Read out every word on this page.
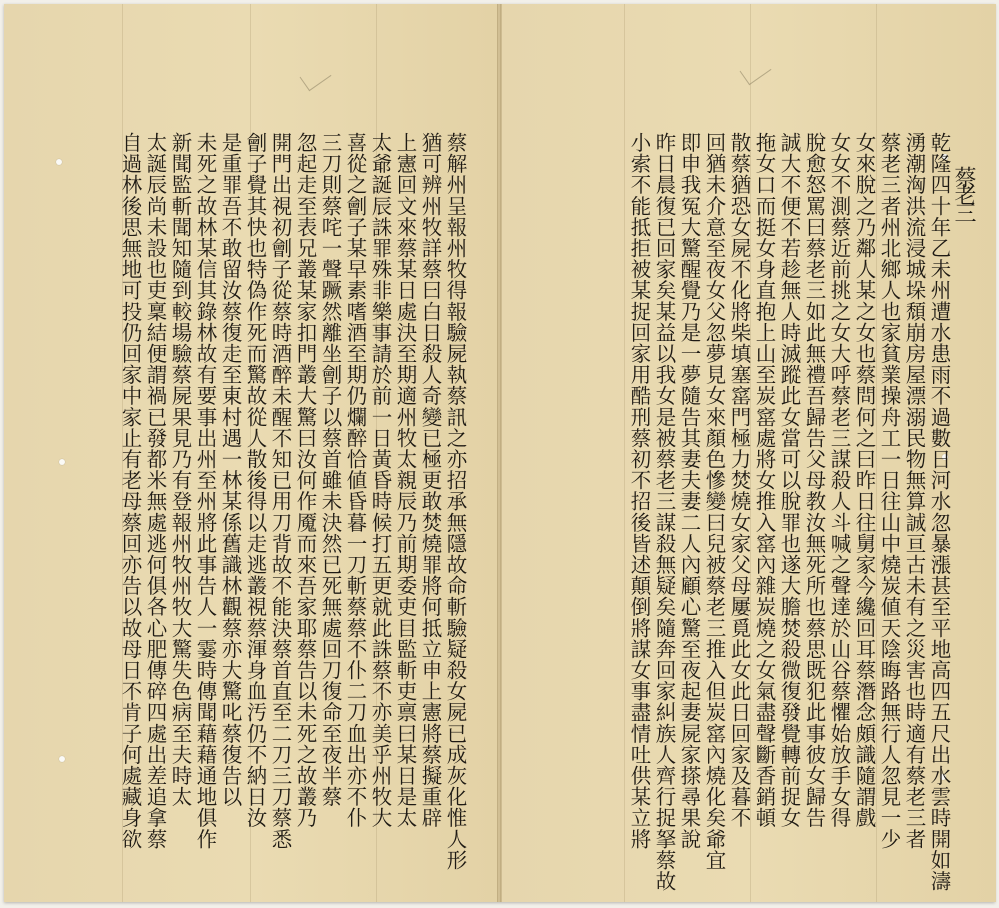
蔡解州呈報州牧得報驗屍執蔡訊之亦招承無隱故命斬驗疑殺女屍已成灰化惟人形
猶可辨州牧詳蔡曰白日殺人奇變已極更敢焚燒罪將何抵立申上憲將蔡擬重辟
上憲回文來蔡某日處決至期適州牧太親辰乃前期委吏目監斬吏禀曰某日是太
太爺誕辰誅罪殊非樂事請於前一日黃昏時候打五更就此誅蔡不亦美乎州牧大
喜從之劊子某早素嗜酒至期仍爛醉恰値昏暮一刀斬蔡蔡不仆二刀血出亦不仆
三刀則蔡咤一聲蹶然離坐劊子以蔡首雖未決然已死無處回刀復命至夜半蔡
忽起走至表兄叢某家扣門叢大驚曰汝何作魇而來吾家耶蔡告以未死之故叢乃
開門出視初劊子從蔡時酒醉未醒不知已用刀背故不能決蔡首直至二刀三刀蔡悉
劊子覺其快也特偽作死而驚故從人散後得以走逃叢視蔡渾身血汚仍不納日汝
是重罪吾不敢留汝蔡復走至東村遇一林某係舊識林觀蔡亦大驚叱蔡復告以
未死之故林某信其錄林故有要事出州至州將此事告人一霎時傳聞藉藉通地俱作
新聞監斬聞知隨到較場驗蔡屍果見乃有登報州牧州牧大驚失色病至夫時太
太誕辰尚未設也吏稟結便謂禍已發都米無處逃何俱各心肥傳碎四處出差追拿蔡
自過林後思無地可投仍回家中家止有老母蔡回亦告以故母日不肯子何處藏身欲	蔡老三
乾隆四十年乙未州遭水患雨不過數日河水忽暴漲甚至平地高四五尺出水雲時開如濤
湧潮洶洪流浸城垛頹崩房屋漂溺民物無算誠亘古未有之災害也時適有蔡老三者
蔡老三者州北鄉人也家貧業操舟工一日往山中燒炭値天陰晦路無行人忽見一少
女來脫之乃鄰人某之女也蔡問何之曰昨日往舅家今纔回耳蔡潛念頗識隨謂戲
女女不測蔡近前挑之女大呼蔡老三謀殺人斗喊之聲達於山谷蔡懼始放手女得
脫愈怒罵曰蔡老三如此無禮吾歸告父母教汝無死所也蔡思既犯此事彼女歸告
誠大不便不若趁無人時滅蹤此女當可以脫罪也遂大膽焚殺微復發覺轉前捉女
拖女口而挺女身直抱上山至炭窰處將女推入窰內雜炭燒之女氣盡聲斷香銷頓
散蔡猶恐女屍不化將柴填塞窰門極力焚燒女家父母屢覓此女此日回家及暮不
回猶未介意至夜女父忽夢見女來顏色慘變曰兒被蔡老三推入但炭窰內燒化矣爺宜
即申我冤大驚醒覺乃是一夢隨告其妻夫妻二人內顧心驚至夜起妻屍家搽尋果說
昨日晨復已回家矣某益以我女是被蔡老三謀殺無疑矣隨奔回家糾族人齊行捉拏蔡故
小索不能抵拒被某捉回家用酷刑蔡初不招後皆述顛倒將謀女事盡情吐供某立將
